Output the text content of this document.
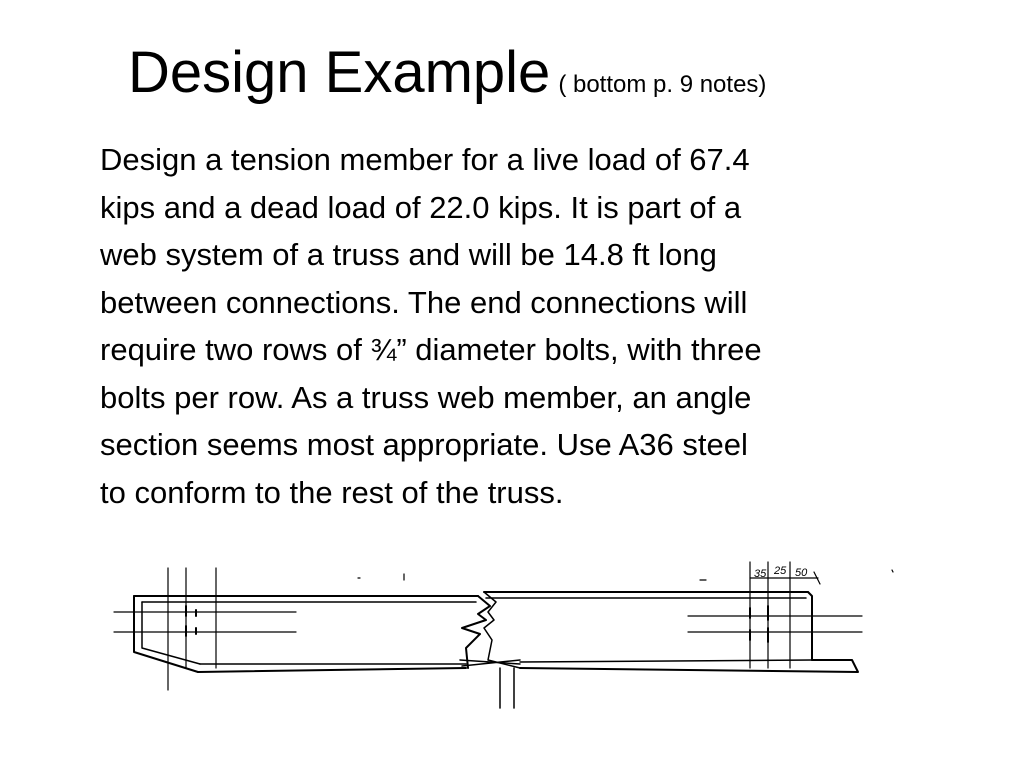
Design Example ( bottom p. 9 notes)
Design a tension member for a live load of 67.4
kips and a dead load of 22.0 kips. It is part of a
web system of a truss and will be 14.8 ft long
between connections. The end connections will
require two rows of ¾” diameter bolts, with three
bolts per row. As a truss web member, an angle
section seems most appropriate. Use A36 steel
to conform to the rest of the truss.
35 25 50
